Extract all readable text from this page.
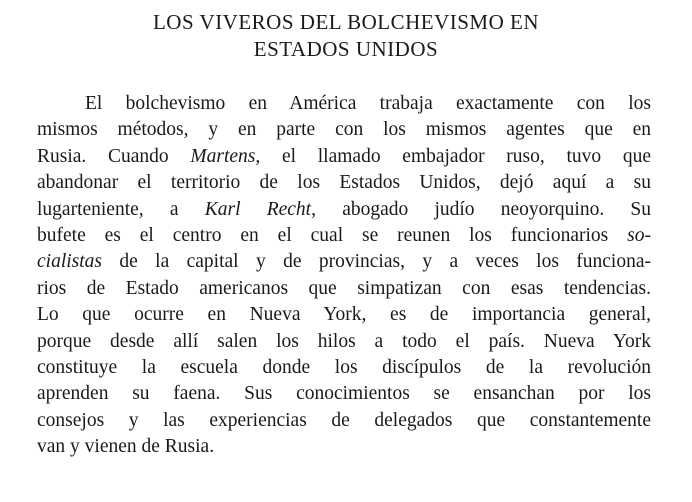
LOS VIVEROS DEL BOLCHEVISMO EN
ESTADOS UNIDOS

El bolchevismo en América trabaja exactamente con los

mismos métodos, y en parte con los mismos agentes que en

Rusia. Cuando Martens, el llamado embajador ruso, tuvo que

abandonar el territorio de los Estados Unidos, dejó aquí a su

lugarteniente, a Karl Recht, abogado judío neoyorquino. Su

bufete es el centro en el cual se reunen los funcionarios so-

cialistas de la capital y de provincias, y a veces los funciona-

rios de Estado americanos que simpatizan con esas tendencias.

Lo que ocurre en Nueva York, es de importancia general,

porque desde allí salen los hilos a todo el país. Nueva York

constituye la escuela donde los discípulos de la revolución

aprenden su faena. Sus conocimientos se ensanchan por los

consejos y las experiencias de delegados que constantemente

van y vienen de Rusia.
